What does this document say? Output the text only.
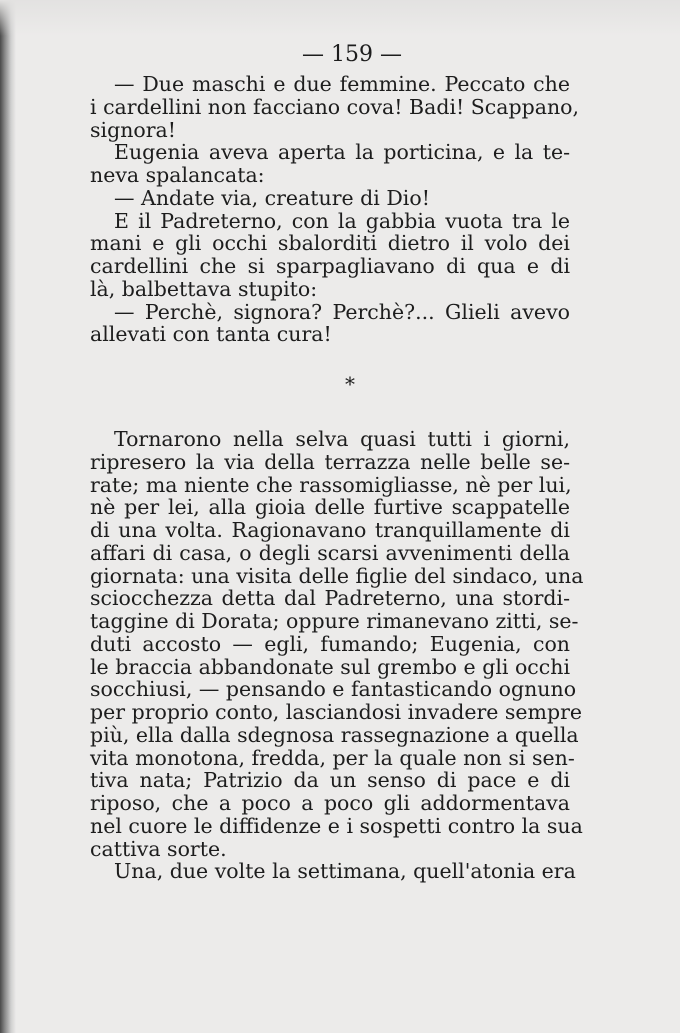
— 159 —
— Due maschi e due femmine. Peccato che
i cardellini non facciano cova! Badi! Scappano,
signora!
Eugenia aveva aperta la porticina, e la te-
neva spalancata:
— Andate via, creature di Dio!
E il Padreterno, con la gabbia vuota tra le
mani e gli occhi sbalorditi dietro il volo dei
cardellini che si sparpagliavano di qua e di
là, balbettava stupito:
— Perchè, signora? Perchè?... Glieli avevo
allevati con tanta cura!
*
Tornarono nella selva quasi tutti i giorni,
ripresero la via della terrazza nelle belle se-
rate; ma niente che rassomigliasse, nè per lui,
nè per lei, alla gioia delle furtive scappatelle
di una volta. Ragionavano tranquillamente di
affari di casa, o degli scarsi avvenimenti della
giornata: una visita delle figlie del sindaco, una
sciocchezza detta dal Padreterno, una stordi-
taggine di Dorata; oppure rimanevano zitti, se-
duti accosto — egli, fumando; Eugenia, con
le braccia abbandonate sul grembo e gli occhi
socchiusi, — pensando e fantasticando ognuno
per proprio conto, lasciandosi invadere sempre
più, ella dalla sdegnosa rassegnazione a quella
vita monotona, fredda, per la quale non si sen-
tiva nata; Patrizio da un senso di pace e di
riposo, che a poco a poco gli addormentava
nel cuore le diffidenze e i sospetti contro la sua
cattiva sorte.
Una, due volte la settimana, quell'atonia era
